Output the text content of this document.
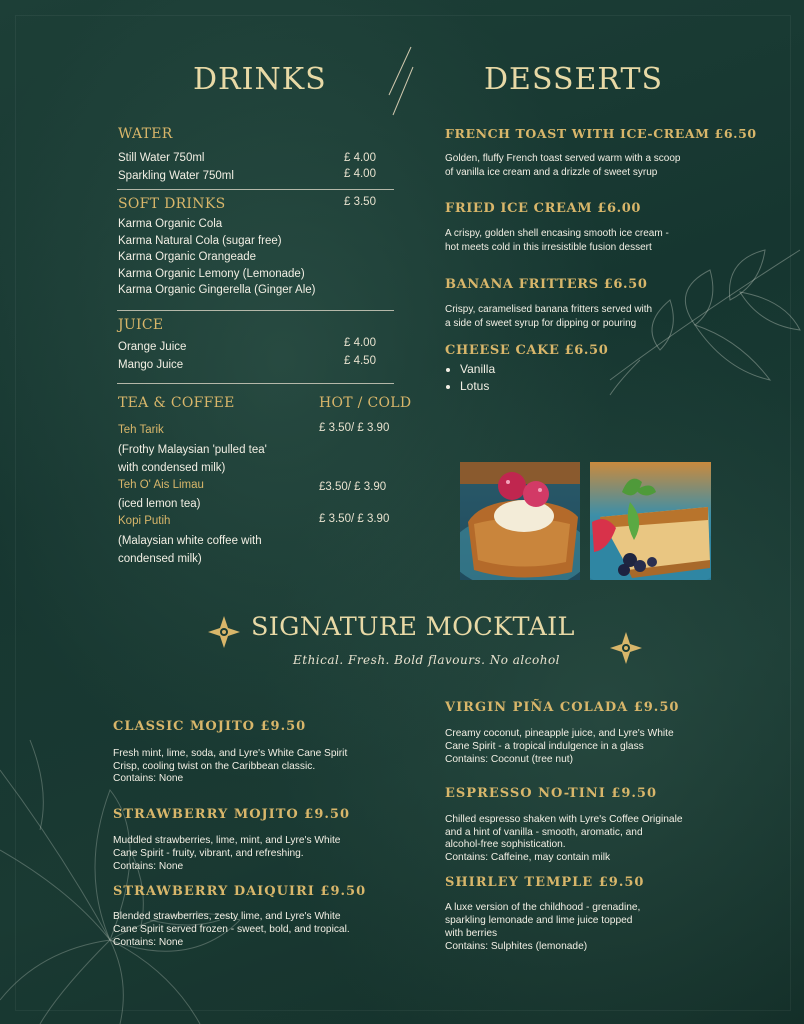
DRINKS	DESSERTS
WATER
Still Water 750ml	£ 4.00
Sparkling Water 750ml	£ 4.00
SOFT DRINKS	£ 3.50
Karma Organic Cola
Karma Natural Cola (sugar free)
Karma Organic Orangeade
Karma Organic Lemony (Lemonade)
Karma Organic Gingerella (Ginger Ale)
JUICE
Orange Juice	£ 4.00
Mango Juice	£ 4.50
TEA & COFFEE	HOT / COLD
Teh Tarik	£ 3.50/ £ 3.90
(Frothy Malaysian 'pulled tea'
with condensed milk)
Teh O' Ais Limau	£3.50/ £ 3.90
(iced lemon tea)
Kopi Putih	£ 3.50/ £ 3.90
(Malaysian white coffee with
condensed milk)
FRENCH TOAST WITH ICE-CREAM £6.50
Golden, fluffy French toast served warm with a scoop
of vanilla ice cream and a drizzle of sweet syrup
FRIED ICE CREAM £6.00
A crispy, golden shell encasing smooth ice cream -
hot meets cold in this irresistible fusion dessert
BANANA FRITTERS £6.50
Crispy, caramelised banana fritters served with
a side of sweet syrup for dipping or pouring
CHEESE CAKE £6.50
• Vanilla
• Lotus
SIGNATURE MOCKTAIL
Ethical. Fresh. Bold flavours. No alcohol
CLASSIC MOJITO £9.50
Fresh mint, lime, soda, and Lyre's White Cane Spirit
Crisp, cooling twist on the Caribbean classic.
Contains: None
STRAWBERRY MOJITO £9.50
Muddled strawberries, lime, mint, and Lyre's White
Cane Spirit - fruity, vibrant, and refreshing.
Contains: None
STRAWBERRY DAIQUIRI £9.50
Blended strawberries, zesty lime, and Lyre's White
Cane Spirit served frozen - sweet, bold, and tropical.
Contains: None
VIRGIN PIÑA COLADA £9.50
Creamy coconut, pineapple juice, and Lyre's White
Cane Spirit - a tropical indulgence in a glass
Contains: Coconut (tree nut)
ESPRESSO NO-TINI £9.50
Chilled espresso shaken with Lyre's Coffee Originale
and a hint of vanilla - smooth, aromatic, and
alcohol-free sophistication.
Contains: Caffeine, may contain milk
SHIRLEY TEMPLE £9.50
A luxe version of the childhood - grenadine,
sparkling lemonade and lime juice topped
with berries
Contains: Sulphites (lemonade)
